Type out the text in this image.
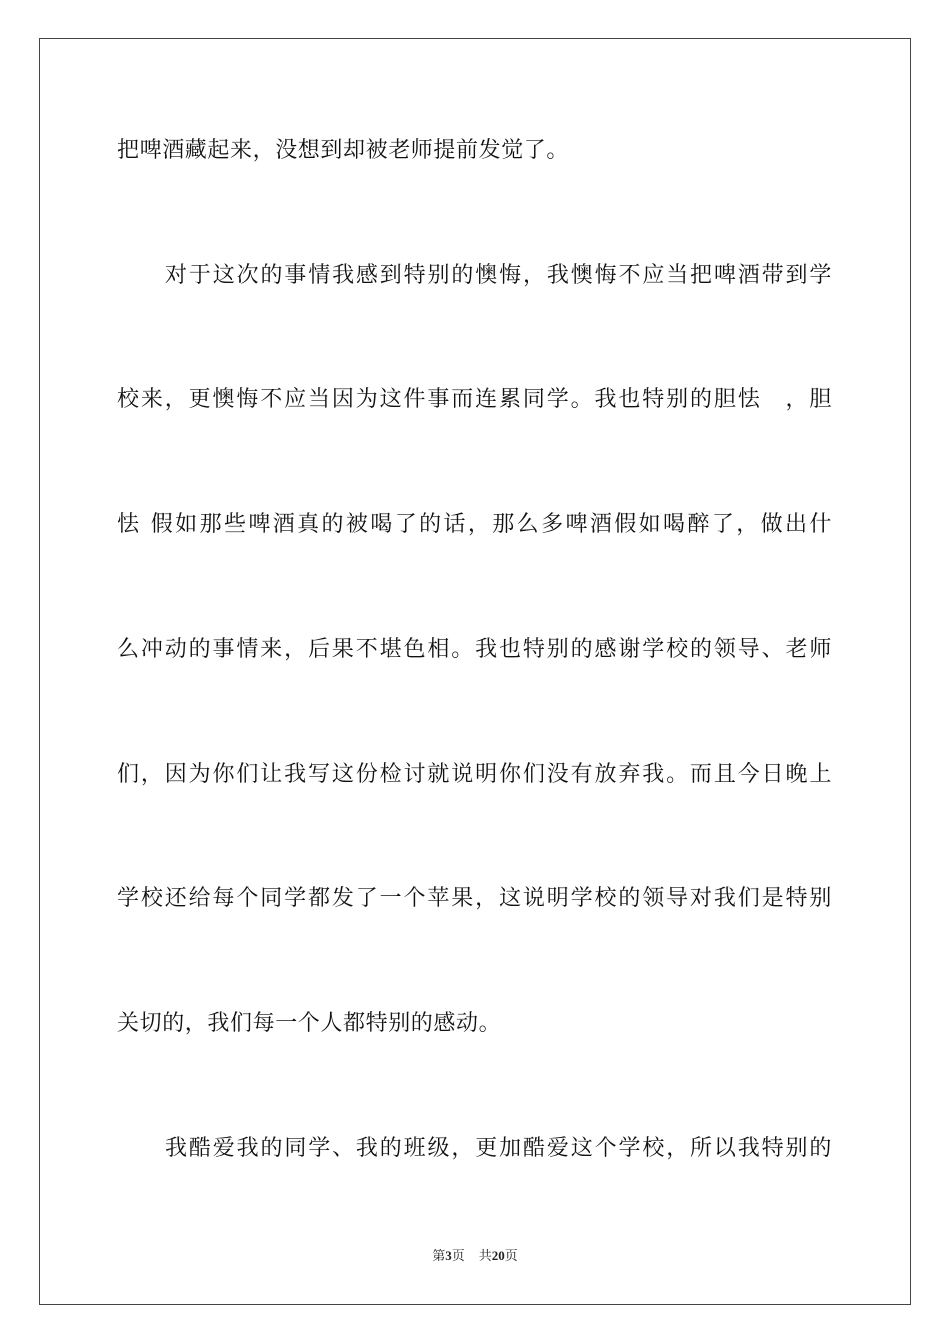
把啤酒藏起来，没想到却被老师提前发觉了。
对于这次的事情我感到特别的懊悔，我懊悔不应当把啤酒带到学
校来，更懊悔不应当因为这件事而连累同学。我也特别的胆怯　，胆
怯 假如那些啤酒真的被喝了的话，那么多啤酒假如喝醉了，做出什
么冲动的事情来，后果不堪色相。我也特别的感谢学校的领导、老师
们，因为你们让我写这份检讨就说明你们没有放弃我。而且今日晚上
学校还给每个同学都发了一个苹果，这说明学校的领导对我们是特别
关切的，我们每一个人都特别的感动。
我酷爱我的同学、我的班级，更加酷爱这个学校，所以我特别的
第3页 共20页
